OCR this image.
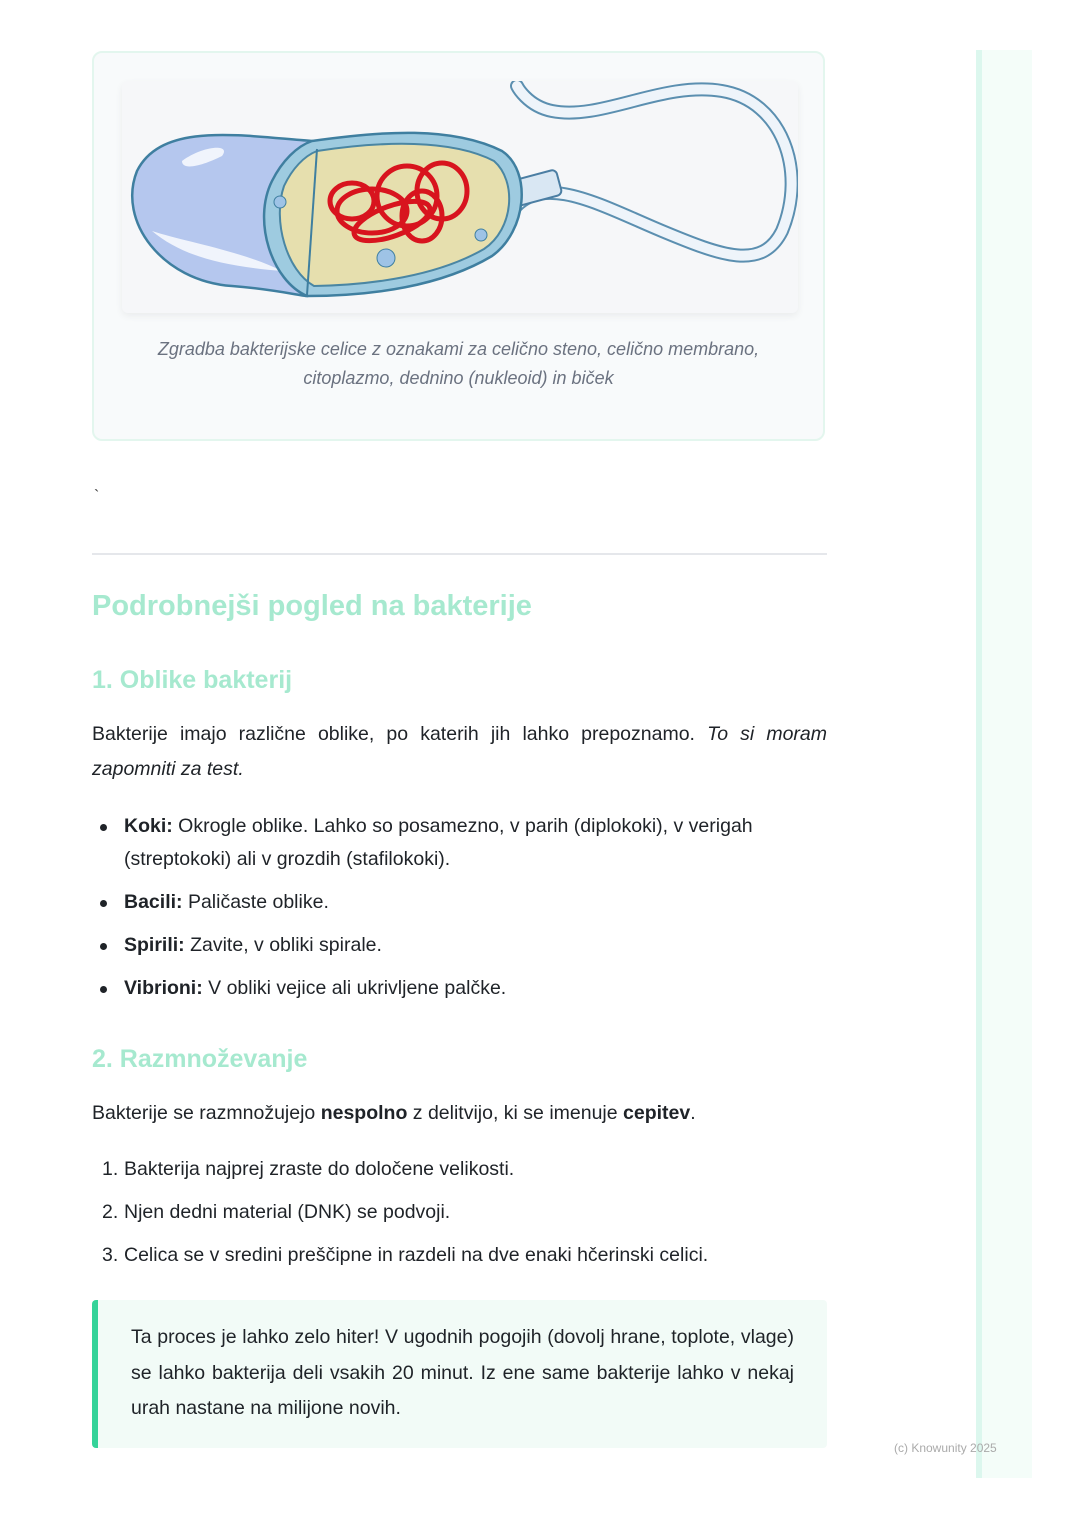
Zgradba bakterijske celice z oznakami za celično steno, celično membrano, citoplazmo, dednino (nukleoid) in biček
`
Podrobnejši pogled na bakterije
1. Oblike bakterij

Bakterije imajo različne oblike, po katerih jih lahko prepoznamo. To si moram zapomniti za test.

Koki: Okrogle oblike. Lahko so posamezno, v parih (diplokoki), v verigah (streptokoki) ali v grozdih (stafilokoki).
Bacili: Paličaste oblike.
Spirili: Zavite, v obliki spirale.
Vibrioni: V obliki vejice ali ukrivljene palčke.
2. Razmnoževanje

Bakterije se razmnožujejo nespolno z delitvijo, ki se imenuje cepitev.

1. Bakterija najprej zraste do določene velikosti.
2. Njen dedni material (DNK) se podvoji.
3. Celica se v sredini preščipne in razdeli na dve enaki hčerinski celici.

Ta proces je lahko zelo hiter! V ugodnih pogojih (dovolj hrane, toplote, vlage) se lahko bakterija deli vsakih 20 minut. Iz ene same bakterije lahko v nekaj urah nastane na milijone novih.

(c) Knowunity 2025
